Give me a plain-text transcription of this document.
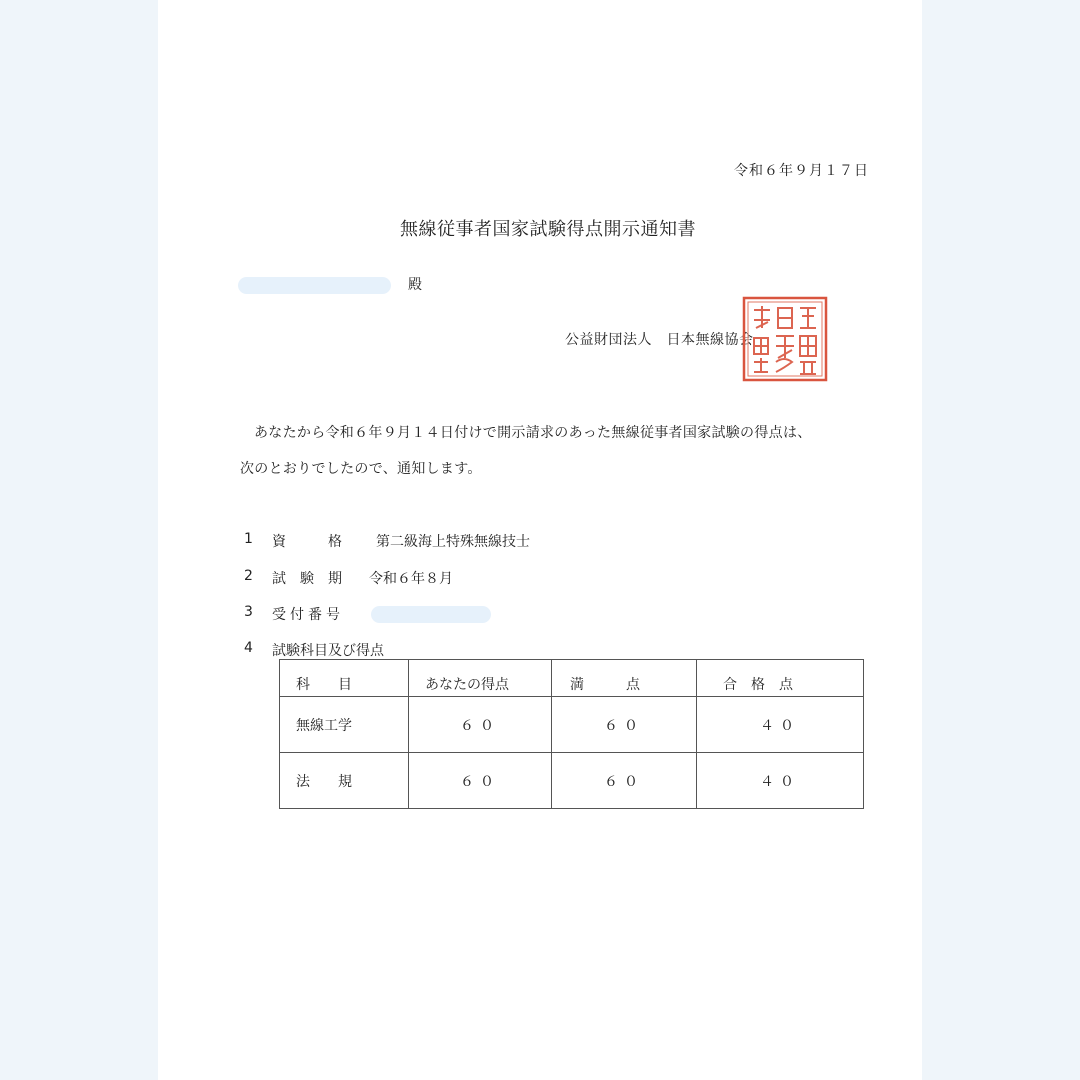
令和６年９月１７日
無線従事者国家試験得点開示通知書
殿
公益財団法人　日本無線協会
あなたから令和６年９月１４日付けで開示請求のあった無線従事者国家試験の得点は、
次のとおりでしたので、通知します。
1 資　　　格 第二級海上特殊無線技士
2 試　験　期 令和６年８月
3 受付番号
4 試験科目及び得点
科　　目	あなたの得点	満　　　点	合　格　点

無線工学	６０	６０	４０

法　　規	６０	６０	４０
